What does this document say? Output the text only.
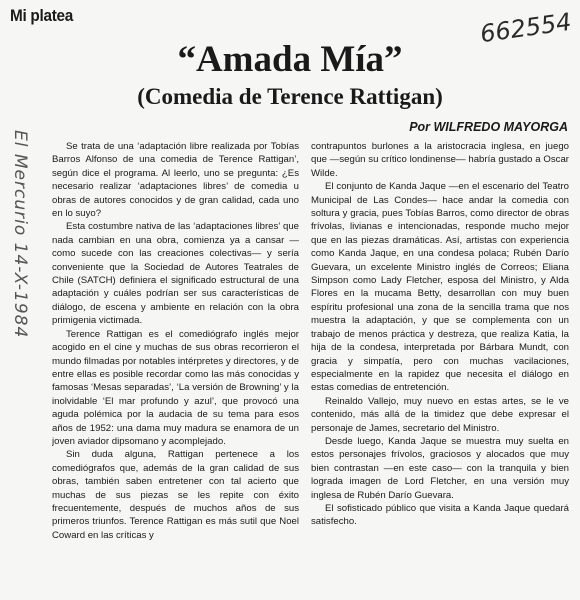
Mi platea	662554
“Amada Mía”
(Comedia de Terence Rattigan)
Por WILFREDO MAYORGA
El Mercurio 14-X-1984	Se trata de una ‘adaptación libre realizada por Tobías Barros Alfonso de una comedia de Terence Rattigan’, según dice el programa. Al leerlo, uno se pregunta: ¿Es necesario realizar ‘adaptaciones libres’ de comedia u obras de autores conocidos y de gran calidad, cada uno en lo suyo?

Esta costumbre nativa de las ‘adaptaciones libres’ que nada cambian en una obra, comienza ya a cansar —como sucede con las creaciones colectivas— y sería conveniente que la Sociedad de Autores Teatrales de Chile (SATCH) definiera el significado estructural de una adaptación y cuáles podrían ser sus características de diálogo, de escena y ambiente en relación con la obra primigenia victimada.

Terence Rattigan es el comediógrafo inglés mejor acogido en el cine y muchas de sus obras recorrieron el mundo filmadas por notables intérpretes y directores, y de entre ellas es posible recordar como las más conocidas y famosas ‘Mesas separadas’, ‘La versión de Browning’ y la inolvidable ‘El mar profundo y azul’, que provocó una aguda polémica por la audacia de su tema para esos años de 1952: una dama muy madura se enamora de un joven aviador dipsomano y acomplejado.

Sin duda alguna, Rattigan pertenece a los comediógrafos que, además de la gran calidad de sus obras, también saben entretener con tal acierto que muchas de sus piezas se les repite con éxito frecuentemente, después de muchos años de sus primeros triunfos. Terence Rattigan es más sutil que Noel Coward en las críticas y

contrapuntos burlones a la aristocracia inglesa, en juego que —según su crítico londinense— habría gustado a Oscar Wilde.

El conjunto de Kanda Jaque —en el escenario del Teatro Municipal de Las Condes— hace andar la comedia con soltura y gracia, pues Tobías Barros, como director de obras frívolas, livianas e intencionadas, responde mucho mejor que en las piezas dramáticas. Así, artistas con experiencia como Kanda Jaque, en una condesa polaca; Rubén Darío Guevara, un excelente Ministro inglés de Correos; Eliana Simpson como Lady Fletcher, esposa del Ministro, y Alda Flores en la mucama Betty, desarrollan con muy buen espíritu profesional una zona de la sencilla trama que nos muestra la adaptación, y que se complementa con un trabajo de menos práctica y destreza, que realiza Katia, la hija de la condesa, interpretada por Bárbara Mundt, con gracia y simpatía, pero con muchas vacilaciones, especialmente en la rapidez que necesita el diálogo en estas comedias de entretención.

Reinaldo Vallejo, muy nuevo en estas artes, se le ve contenido, más allá de la timidez que debe expresar el personaje de James, secretario del Ministro.

Desde luego, Kanda Jaque se muestra muy suelta en estos personajes frívolos, graciosos y alocados que muy bien contrastan —en este caso— con la tranquila y bien lograda imagen de Lord Fletcher, en una versión muy inglesa de Rubén Darío Guevara.

El sofisticado público que visita a Kanda Jaque quedará satisfecho.
